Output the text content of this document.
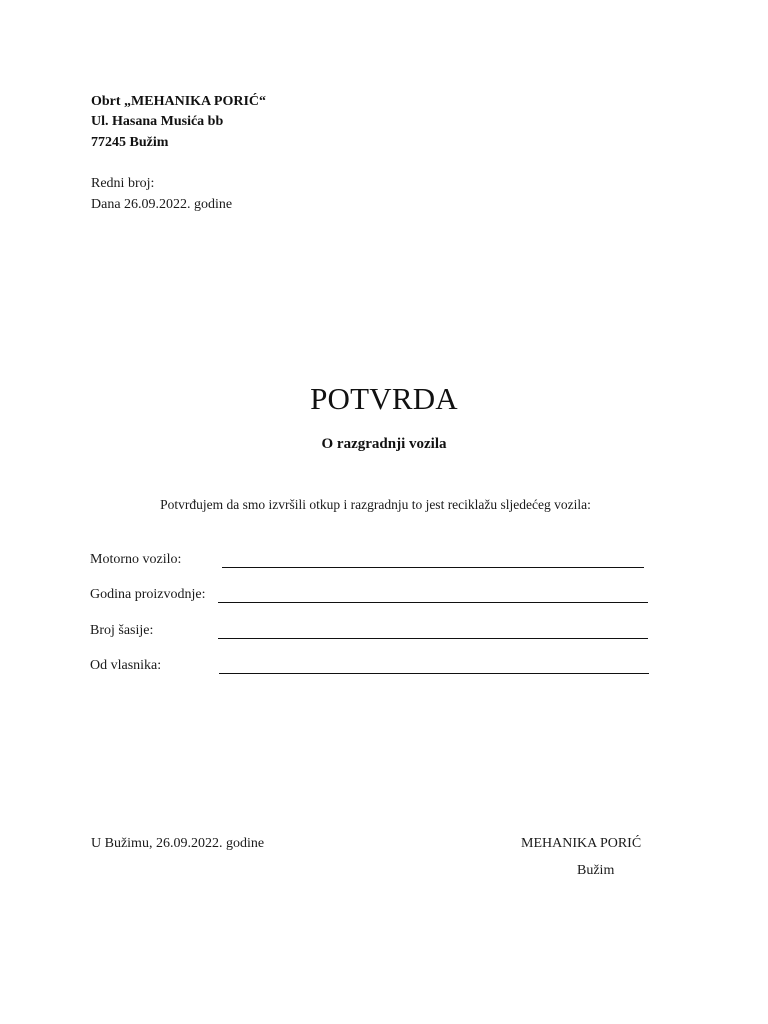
Obrt „MEHANIKA PORIĆ“
Ul. Hasana Musića bb
77245 Bužim
Redni broj:
Dana 26.09.2022. godine
POTVRDA
O razgradnji vozila
Potvrđujem da smo izvršili otkup i razgradnju to jest reciklažu sljedećeg vozila:
Motorno vozilo:
Godina proizvodnje:
Broj šasije:
Od vlasnika:
U Bužimu, 26.09.2022. godine	MEHANIKA PORIĆ
Bužim
